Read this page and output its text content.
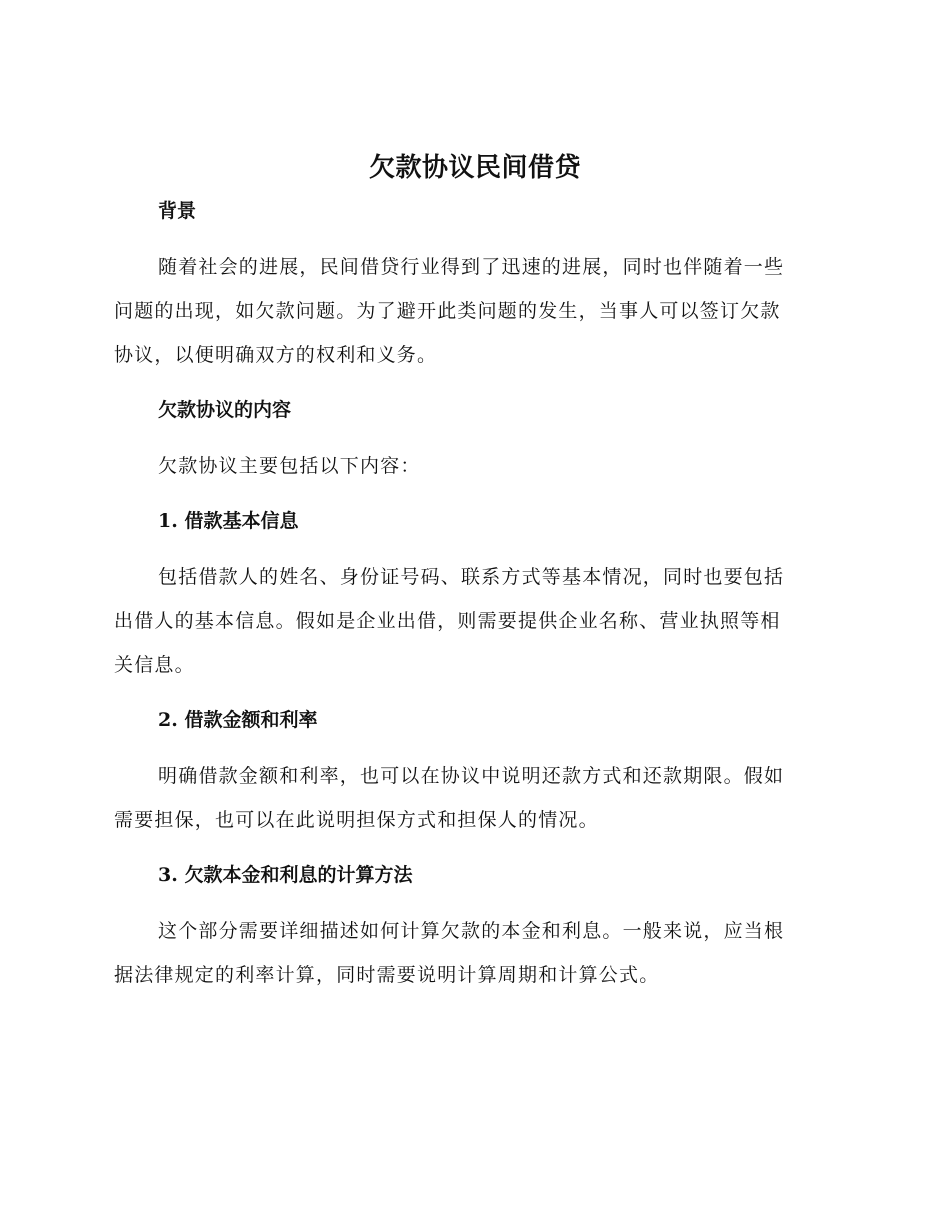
欠款协议民间借贷
背景

随着社会的进展，民间借贷行业得到了迅速的进展，同时也伴随着一些
问题的出现，如欠款问题。为了避开此类问题的发生，当事人可以签订欠款
协议，以便明确双方的权利和义务。

欠款协议的内容

欠款协议主要包括以下内容：

1. 借款基本信息

包括借款人的姓名、身份证号码、联系方式等基本情况，同时也要包括
出借人的基本信息。假如是企业出借，则需要提供企业名称、营业执照等相
关信息。

2. 借款金额和利率

明确借款金额和利率，也可以在协议中说明还款方式和还款期限。假如
需要担保，也可以在此说明担保方式和担保人的情况。

3. 欠款本金和利息的计算方法

这个部分需要详细描述如何计算欠款的本金和利息。一般来说，应当根
据法律规定的利率计算，同时需要说明计算周期和计算公式。
